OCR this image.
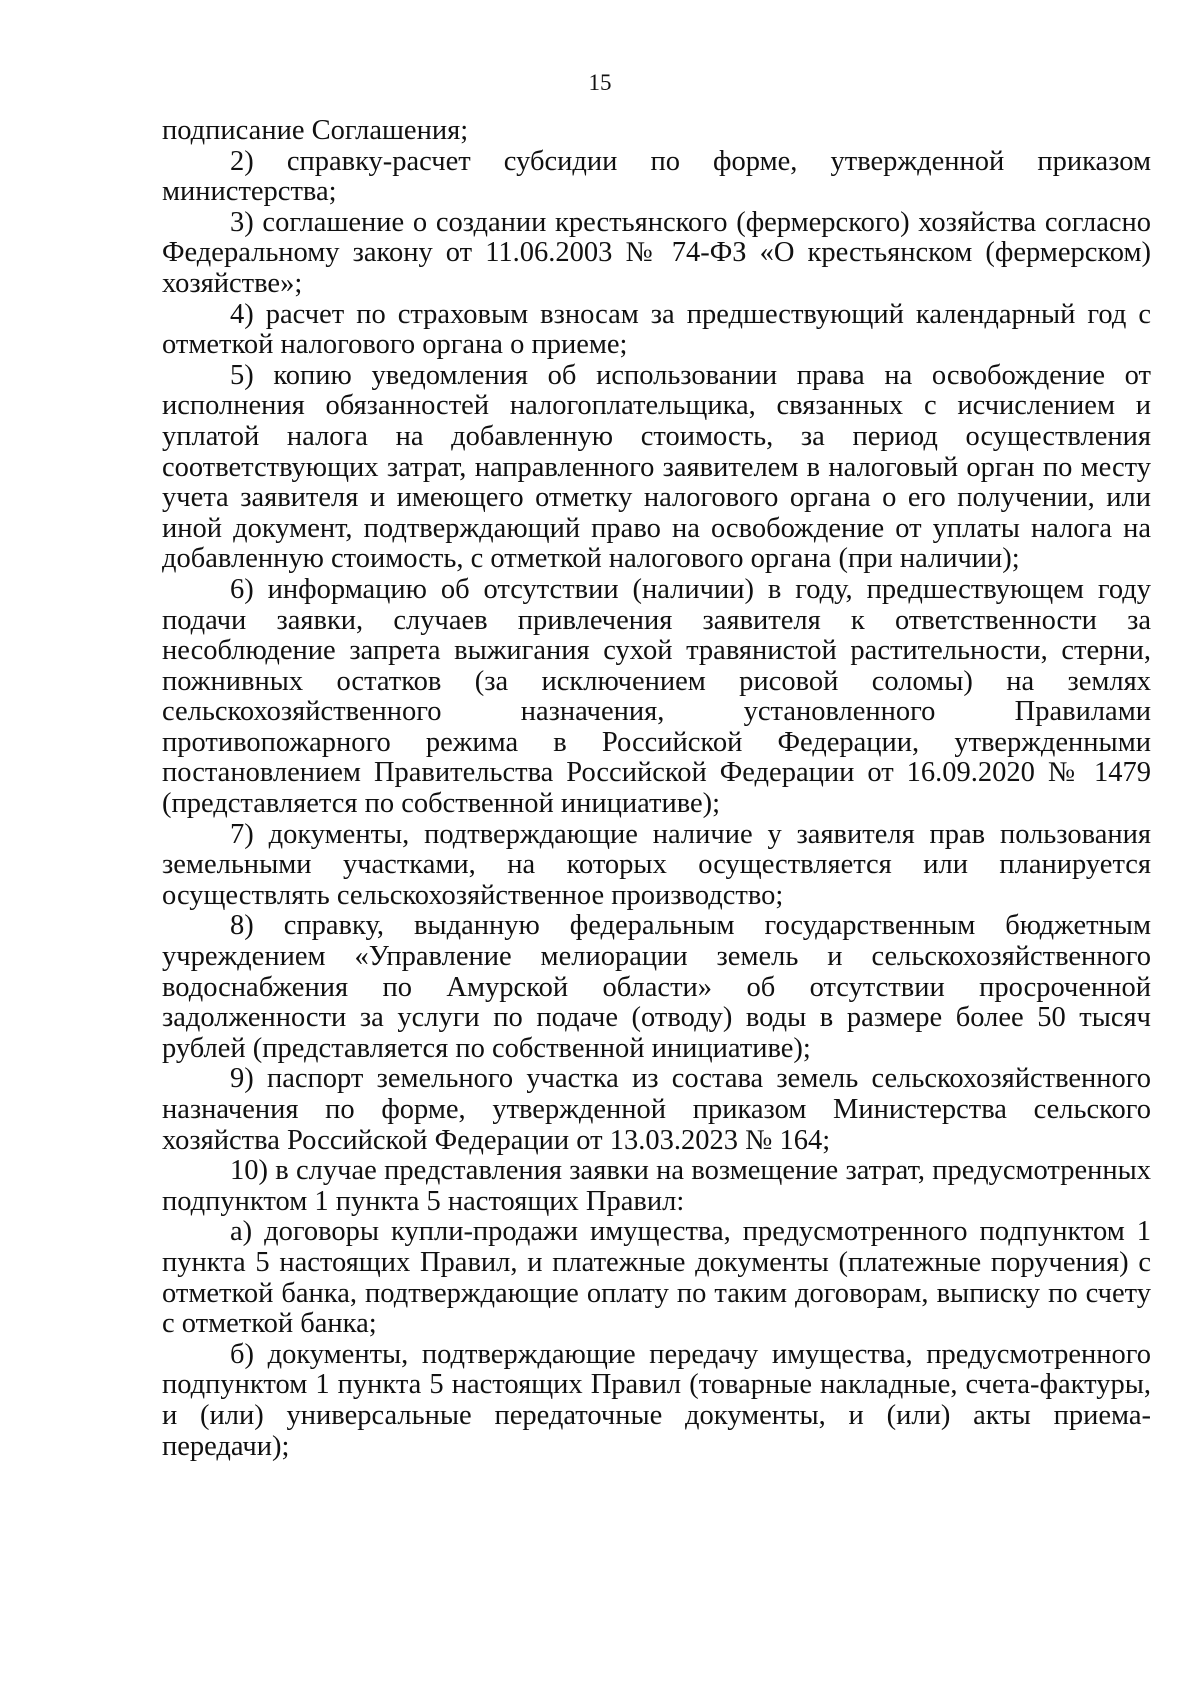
15

подписание Соглашения;

2) справку-расчет субсидии по форме, утвержденной приказом министерства;

3) соглашение о создании крестьянского (фермерского) хозяйства согласно Федеральному закону от 11.06.2003 № 74-ФЗ «О крестьянском (фермерском) хозяйстве»;

4) расчет по страховым взносам за предшествующий календарный год с отметкой налогового органа о приеме;

5) копию уведомления об использовании права на освобождение от исполнения обязанностей налогоплательщика, связанных с исчислением и уплатой налога на добавленную стоимость, за период осуществления соответствующих затрат, направленного заявителем в налоговый орган по месту учета заявителя и имеющего отметку налогового органа о его получении, или иной документ, подтверждающий право на освобождение от уплаты налога на добавленную стоимость, с отметкой налогового органа (при наличии);

6) информацию об отсутствии (наличии) в году, предшествующем году подачи заявки, случаев привлечения заявителя к ответственности за несоблюдение запрета выжигания сухой травянистой растительности, стерни, пожнивных остатков (за исключением рисовой соломы) на землях сельскохозяйственного назначения, установленного Правилами противопожарного режима в Российской Федерации, утвержденными постановлением Правительства Российской Федерации от 16.09.2020 № 1479 (представляется по собственной инициативе);

7) документы, подтверждающие наличие у заявителя прав пользования земельными участками, на которых осуществляется или планируется осуществлять сельскохозяйственное производство;

8) справку, выданную федеральным государственным бюджетным учреждением «Управление мелиорации земель и сельскохозяйственного водоснабжения по Амурской области» об отсутствии просроченной задолженности за услуги по подаче (отводу) воды в размере более 50 тысяч рублей (представляется по собственной инициативе);

9) паспорт земельного участка из состава земель сельскохозяйственного назначения по форме, утвержденной приказом Министерства сельского хозяйства Российской Федерации от 13.03.2023 № 164;

10) в случае представления заявки на возмещение затрат, предусмотренных подпунктом 1 пункта 5 настоящих Правил:

а) договоры купли-продажи имущества, предусмотренного подпунктом 1 пункта 5 настоящих Правил, и платежные документы (платежные поручения) с отметкой банка, подтверждающие оплату по таким договорам, выписку по счету с отметкой банка;

б) документы, подтверждающие передачу имущества, предусмотренного подпунктом 1 пункта 5 настоящих Правил (товарные накладные, счета-фактуры, и (или) универсальные передаточные документы, и (или) акты приема-передачи);
